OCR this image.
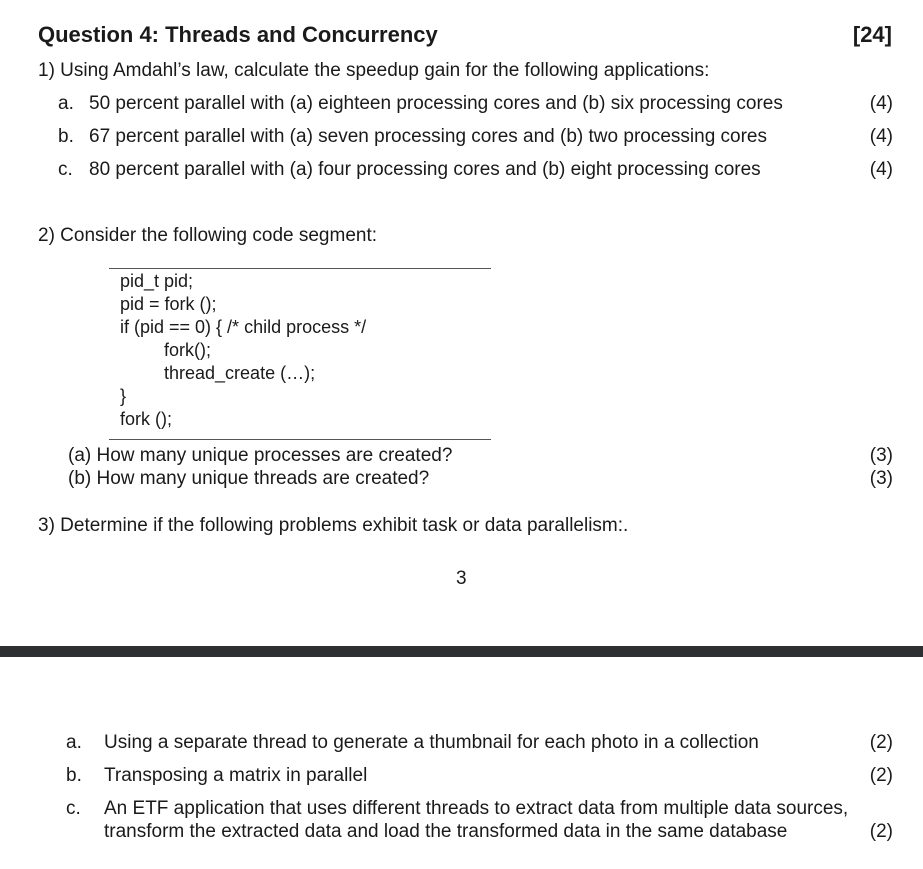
Question 4: Threads and Concurrency	[24]
1) Using Amdahl’s law, calculate the speedup gain for the following applications:
a. 50 percent parallel with (a) eighteen processing cores and (b) six processing cores	(4)
b. 67 percent parallel with (a) seven processing cores and (b) two processing cores	(4)
c. 80 percent parallel with (a) four processing cores and (b) eight processing cores	(4)
2) Consider the following code segment:
pid_t pid;
pid = fork ();
if (pid == 0) { /* child process */
fork();
thread_create (…);
}
fork ();
(a) How many unique processes are created?	(3)
(b) How many unique threads are created?	(3)
3) Determine if the following problems exhibit task or data parallelism:.
3
a. Using a separate thread to generate a thumbnail for each photo in a collection	(2)
b. Transposing a matrix in parallel	(2)
c. An ETF application that uses different threads to extract data from multiple data sources,
transform the extracted data and load the transformed data in the same database	(2)
